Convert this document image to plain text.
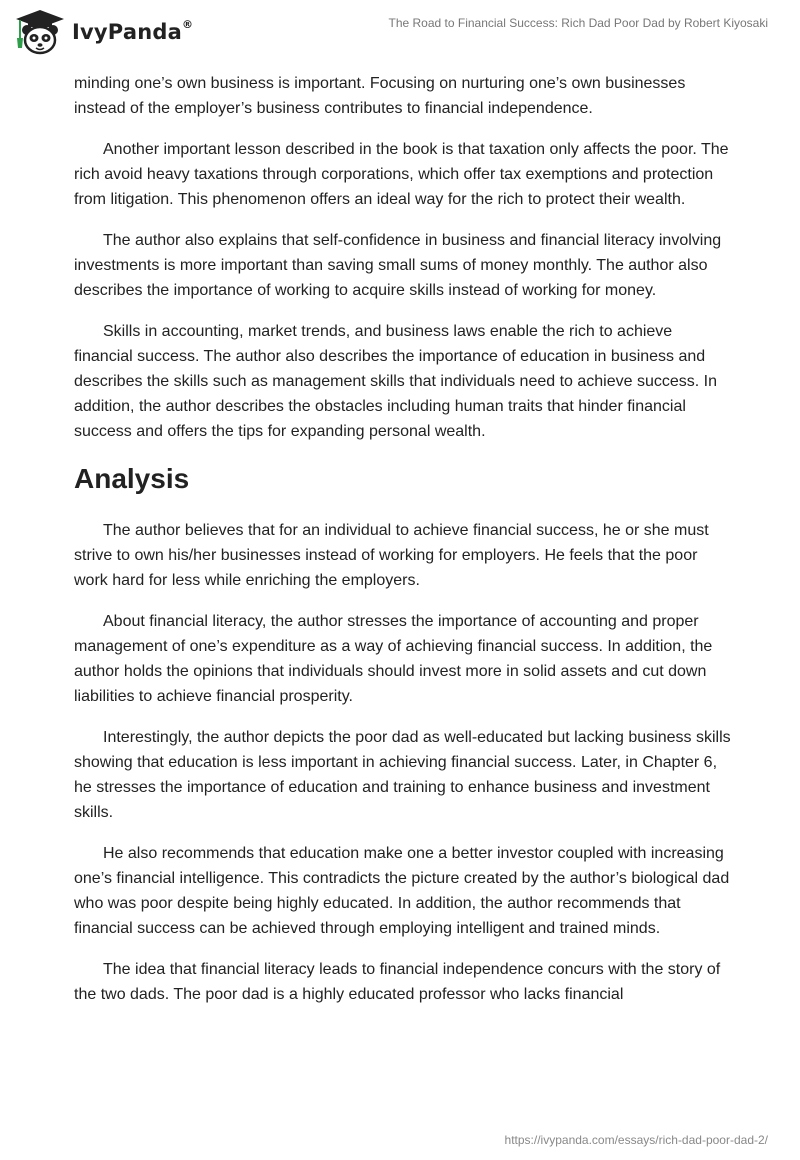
IvyPanda®	The Road to Financial Success: Rich Dad Poor Dad by Robert Kiyosaki

minding one’s own business is important. Focusing on nurturing one’s own businesses instead of the employer’s business contributes to financial independence.

Another important lesson described in the book is that taxation only affects the poor. The rich avoid heavy taxations through corporations, which offer tax exemptions and protection from litigation. This phenomenon offers an ideal way for the rich to protect their wealth.

The author also explains that self-confidence in business and financial literacy involving investments is more important than saving small sums of money monthly. The author also describes the importance of working to acquire skills instead of working for money.

Skills in accounting, market trends, and business laws enable the rich to achieve financial success. The author also describes the importance of education in business and describes the skills such as management skills that individuals need to achieve success. In addition, the author describes the obstacles including human traits that hinder financial success and offers the tips for expanding personal wealth.

Analysis

The author believes that for an individual to achieve financial success, he or she must strive to own his/her businesses instead of working for employers. He feels that the poor work hard for less while enriching the employers.

About financial literacy, the author stresses the importance of accounting and proper management of one’s expenditure as a way of achieving financial success. In addition, the author holds the opinions that individuals should invest more in solid assets and cut down liabilities to achieve financial prosperity.

Interestingly, the author depicts the poor dad as well-educated but lacking business skills showing that education is less important in achieving financial success. Later, in Chapter 6, he stresses the importance of education and training to enhance business and investment skills.

He also recommends that education make one a better investor coupled with increasing one’s financial intelligence. This contradicts the picture created by the author’s biological dad who was poor despite being highly educated. In addition, the author recommends that financial success can be achieved through employing intelligent and trained minds.

The idea that financial literacy leads to financial independence concurs with the story of the two dads. The poor dad is a highly educated professor who lacks financial

https://ivypanda.com/essays/rich-dad-poor-dad-2/
